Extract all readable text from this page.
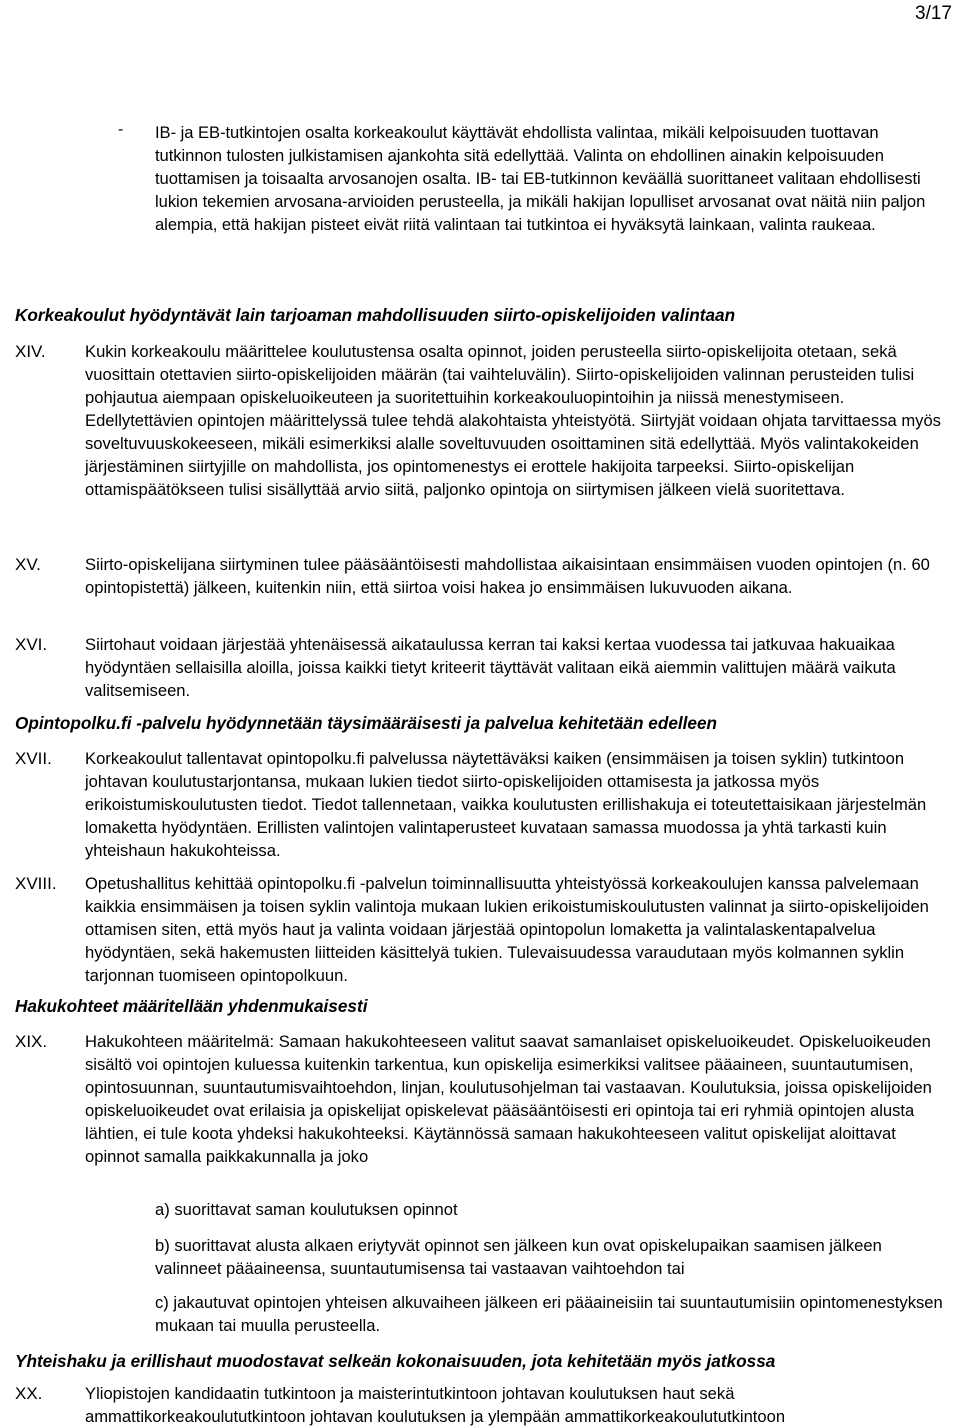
3/17
-	IB- ja EB-tutkintojen osalta korkeakoulut käyttävät ehdollista valintaa, mikäli kelpoisuuden tuottavan tutkinnon tulosten julkistamisen ajankohta sitä edellyttää. Valinta on ehdollinen ainakin kelpoisuuden tuottamisen ja toisaalta arvosanojen osalta. IB- tai EB-tutkinnon keväällä suorittaneet valitaan ehdollisesti lukion tekemien arvosana-arvioiden perusteella, ja mikäli hakijan lopulliset arvosanat ovat näitä niin paljon alempia, että hakijan pisteet eivät riitä valintaan tai tutkintoa ei hyväksytä lainkaan, valinta raukeaa.
Korkeakoulut hyödyntävät lain tarjoaman mahdollisuuden siirto-opiskelijoiden valintaan
XIV.	Kukin korkeakoulu määrittelee koulutustensa osalta opinnot, joiden perusteella siirto-opiskelijoita otetaan, sekä vuosittain otettavien siirto-opiskelijoiden määrän (tai vaihteluvälin). Siirto-opiskelijoiden valinnan perusteiden tulisi pohjautua aiempaan opiskeluoikeuteen ja suoritettuihin korkeakouluopintoihin ja niissä menestymiseen. Edellytettävien opintojen määrittelyssä tulee tehdä alakohtaista yhteistyötä. Siirtyjät voidaan ohjata tarvittaessa myös soveltuvuuskokeeseen, mikäli esimerkiksi alalle soveltuvuuden osoittaminen sitä edellyttää. Myös valintakokeiden järjestäminen siirtyjille on mahdollista, jos opintomenestys ei erottele hakijoita tarpeeksi. Siirto-opiskelijan ottamispäätökseen tulisi sisällyttää arvio siitä, paljonko opintoja on siirtymisen jälkeen vielä suoritettava.
XV.	Siirto-opiskelijana siirtyminen tulee pääsääntöisesti mahdollistaa aikaisintaan ensimmäisen vuoden opintojen (n. 60 opintopistettä) jälkeen, kuitenkin niin, että siirtoa voisi hakea jo ensimmäisen lukuvuoden aikana.
XVI.	Siirtohaut voidaan järjestää yhtenäisessä aikataulussa kerran tai kaksi kertaa vuodessa tai jatkuvaa hakuaikaa hyödyntäen sellaisilla aloilla, joissa kaikki tietyt kriteerit täyttävät valitaan eikä aiemmin valittujen määrä vaikuta valitsemiseen.
Opintopolku.fi -palvelu hyödynnetään täysimääräisesti ja palvelua kehitetään edelleen
XVII.	Korkeakoulut tallentavat opintopolku.fi palvelussa näytettäväksi kaiken (ensimmäisen ja toisen syklin) tutkintoon johtavan koulutustarjontansa, mukaan lukien tiedot siirto-opiskelijoiden ottamisesta ja jatkossa myös erikoistumiskoulutusten tiedot. Tiedot tallennetaan, vaikka koulutusten erillishakuja ei toteutettaisikaan järjestelmän lomaketta hyödyntäen. Erillisten valintojen valintaperusteet kuvataan samassa muodossa ja yhtä tarkasti kuin yhteishaun hakukohteissa.
XVIII.	Opetushallitus kehittää opintopolku.fi -palvelun toiminnallisuutta yhteistyössä korkeakoulujen kanssa palvelemaan kaikkia ensimmäisen ja toisen syklin valintoja mukaan lukien erikoistumiskoulutusten valinnat ja siirto-opiskelijoiden ottamisen siten, että myös haut ja valinta voidaan järjestää opintopolun lomaketta ja valintalaskentapalvelua hyödyntäen, sekä hakemusten liitteiden käsittelyä tukien. Tulevaisuudessa varaudutaan myös kolmannen syklin tarjonnan tuomiseen opintopolkuun.
Hakukohteet määritellään yhdenmukaisesti
XIX.	Hakukohteen määritelmä: Samaan hakukohteeseen valitut saavat samanlaiset opiskeluoikeudet. Opiskeluoikeuden sisältö voi opintojen kuluessa kuitenkin tarkentua, kun opiskelija esimerkiksi valitsee pääaineen, suuntautumisen, opintosuunnan, suuntautumisvaihtoehdon, linjan, koulutusohjelman tai vastaavan. Koulutuksia, joissa opiskelijoiden opiskeluoikeudet ovat erilaisia ja opiskelijat opiskelevat pääsääntöisesti eri opintoja tai eri ryhmiä opintojen alusta lähtien, ei tule koota yhdeksi hakukohteeksi. Käytännössä samaan hakukohteeseen valitut opiskelijat aloittavat opinnot samalla paikkakunnalla ja joko
a) suorittavat saman koulutuksen opinnot
b) suorittavat alusta alkaen eriytyvät opinnot sen jälkeen kun ovat opiskelupaikan saamisen jälkeen valinneet pääaineensa, suuntautumisensa tai vastaavan vaihtoehdon tai
c) jakautuvat opintojen yhteisen alkuvaiheen jälkeen eri pääaineisiin tai suuntautumisiin opintomenestyksen mukaan tai muulla perusteella.
Yhteishaku ja erillishaut muodostavat selkeän kokonaisuuden, jota kehitetään myös jatkossa
XX.	Yliopistojen kandidaatin tutkintoon ja maisterintutkintoon johtavan koulutuksen haut sekä ammattikorkeakoulututkintoon johtavan koulutuksen ja ylempään ammattikorkeakoulututkintoon
